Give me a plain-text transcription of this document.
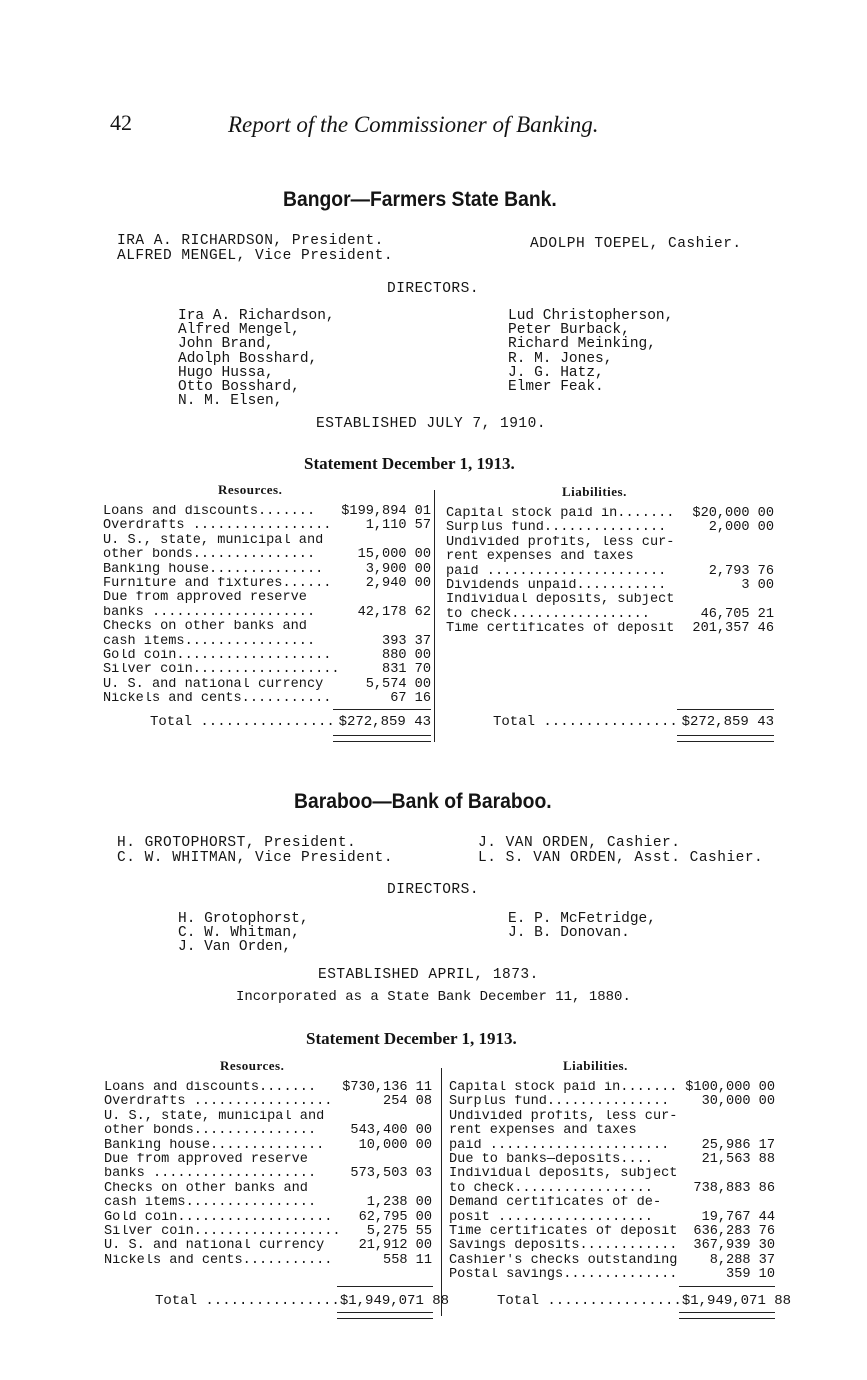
42	Report of the Commissioner of Banking.
Bangor—Farmers State Bank.
IRA A. RICHARDSON, President.
ALFRED MENGEL, Vice President.
ADOLPH TOEPEL, Cashier.
DIRECTORS.
Ira A. Richardson,
Alfred Mengel,
John Brand,
Adolph Bosshard,
Hugo Hussa,
Otto Bosshard,
N. M. Elsen,
Lud Christopherson,
Peter Burback,
Richard Meinking,
R. M. Jones,
J. G. Hatz,
Elmer Feak.
ESTABLISHED JULY 7, 1910.
Statement December 1, 1913.
Resources.	Liabilities.
Loans and discounts....... $199,894 01
Overdrafts .................	1,110 57
U. S., state, municipal and
other bonds...............	15,000 00
Banking house..............	3,900 00
Furniture and fixtures......	2,940 00
Due from approved reserve
banks ....................	42,178 62
Checks on other banks and
cash items................	393 37
Gold coin...................	880 00
Silver coin..................	831 70
U. S. and national currency	5,574 00
Nickels and cents...........	67 16
Capital stock paid in....... $20,000 00
Surplus fund...............	2,000 00
Undivided profits, less cur-
rent expenses and taxes
paid ......................	2,793 76
Dividends unpaid...........	3 00
Individual deposits, subject
to check.................	46,705 21
Time certificates of deposit 201,357 46
Total ................ $272,859 43	Total ................ $272,859 43
Baraboo—Bank of Baraboo.
H. GROTOPHORST, President.
C. W. WHITMAN, Vice President.
J. VAN ORDEN, Cashier.
L. S. VAN ORDEN, Asst. Cashier.
DIRECTORS.
H. Grotophorst,
C. W. Whitman,
J. Van Orden,
E. P. McFetridge,
J. B. Donovan.
ESTABLISHED APRIL, 1873.
Incorporated as a State Bank December 11, 1880.
Statement December 1, 1913.
Resources.	Liabilities.
Loans and discounts....... $730,136 11
Overdrafts .................	254 08
U. S., state, municipal and
other bonds...............	543,400 00
Banking house..............	10,000 00
Due from approved reserve
banks ....................	573,503 03
Checks on other banks and
cash items................	1,238 00
Gold coin................... 62,795 00
Silver coin.................. 5,275 55
U. S. and national currency	21,912 00
Nickels and cents...........	558 11
Capital stock paid in....... $100,000 00
Surplus fund............... 30,000 00
Undivided profits, less cur-
rent expenses and taxes
paid ...................... 25,986 17
Due to banks—deposits....	21,563 88
Individual deposits, subject
to check.................	738,883 86
Demand certificates of de-
posit ...................	19,767 44
Time certificates of deposit 636,283 76
Savings deposits............ 367,939 30
Cashier's checks outstanding 8,288 37
Postal savings..............	359 10
Total ................ $1,949,071 88	Total ................ $1,949,071 88
